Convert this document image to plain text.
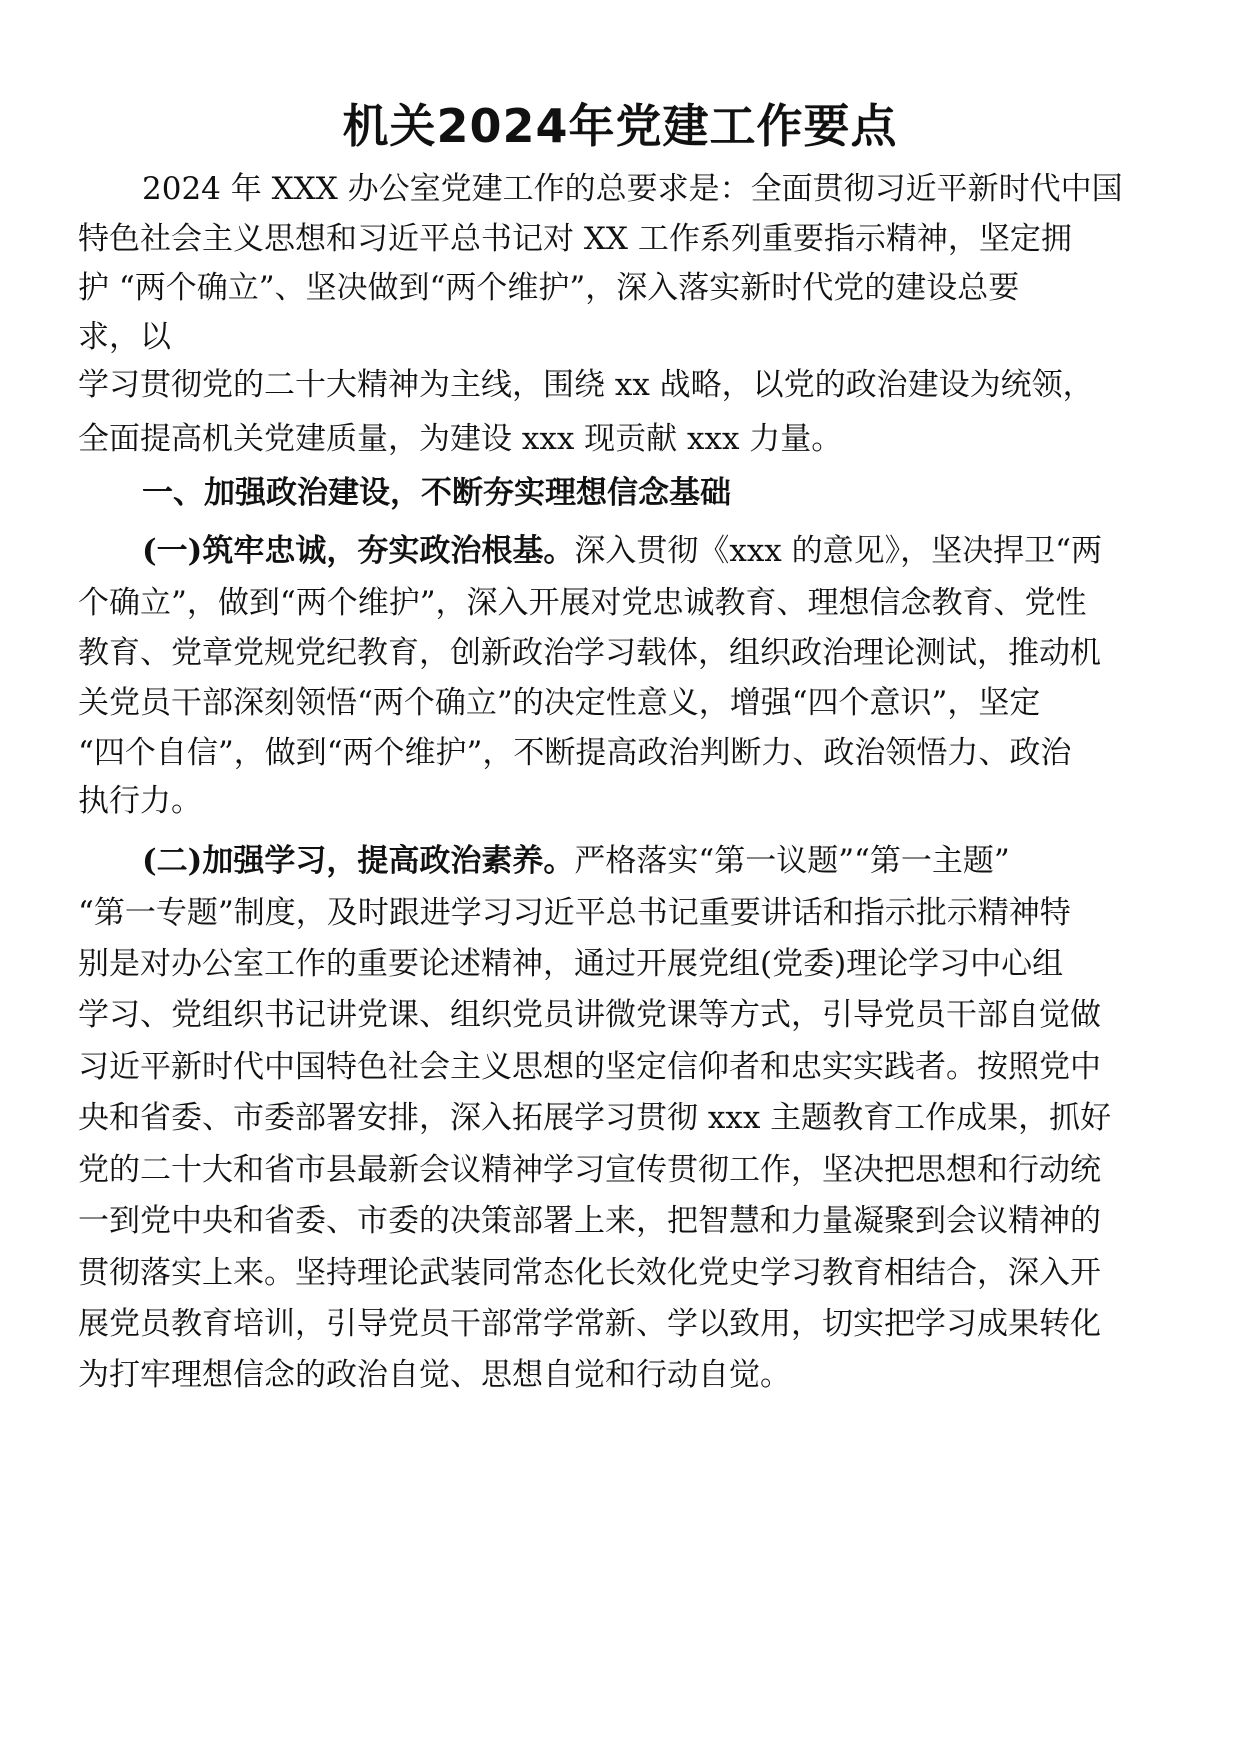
机关2024年党建工作要点

2024 年 XXX 办公室党建工作的总要求是：全面贯彻习近平新时代中国

特色社会主义思想和习近平总书记对 XX 工作系列重要指示精神，坚定拥

护 “两个确立”、坚决做到“两个维护”，深入落实新时代党的建设总要

求，以

学习贯彻党的二十大精神为主线，围绕 xx 战略，以党的政治建设为统领，

全面提高机关党建质量，为建设 xxx 现贡献 xxx 力量。

一、加强政治建设，不断夯实理想信念基础

(一)筑牢忠诚，夯实政治根基。深入贯彻《xxx 的意见》，坚决捍卫“两

个确立”，做到“两个维护”，深入开展对党忠诚教育、理想信念教育、党性

教育、党章党规党纪教育，创新政治学习载体，组织政治理论测试，推动机

关党员干部深刻领悟“两个确立”的决定性意义，增强“四个意识”，坚定

“四个自信”，做到“两个维护”，不断提高政治判断力、政治领悟力、政治

执行力。

(二)加强学习，提高政治素养。严格落实“第一议题”“第一主题”

“第一专题”制度，及时跟进学习习近平总书记重要讲话和指示批示精神特

别是对办公室工作的重要论述精神，通过开展党组(党委)理论学习中心组

学习、党组织书记讲党课、组织党员讲微党课等方式，引导党员干部自觉做

习近平新时代中国特色社会主义思想的坚定信仰者和忠实实践者。按照党中

央和省委、市委部署安排，深入拓展学习贯彻 xxx 主题教育工作成果，抓好

党的二十大和省市县最新会议精神学习宣传贯彻工作，坚决把思想和行动统

一到党中央和省委、市委的决策部署上来，把智慧和力量凝聚到会议精神的

贯彻落实上来。坚持理论武装同常态化长效化党史学习教育相结合，深入开

展党员教育培训，引导党员干部常学常新、学以致用，切实把学习成果转化

为打牢理想信念的政治自觉、思想自觉和行动自觉。
